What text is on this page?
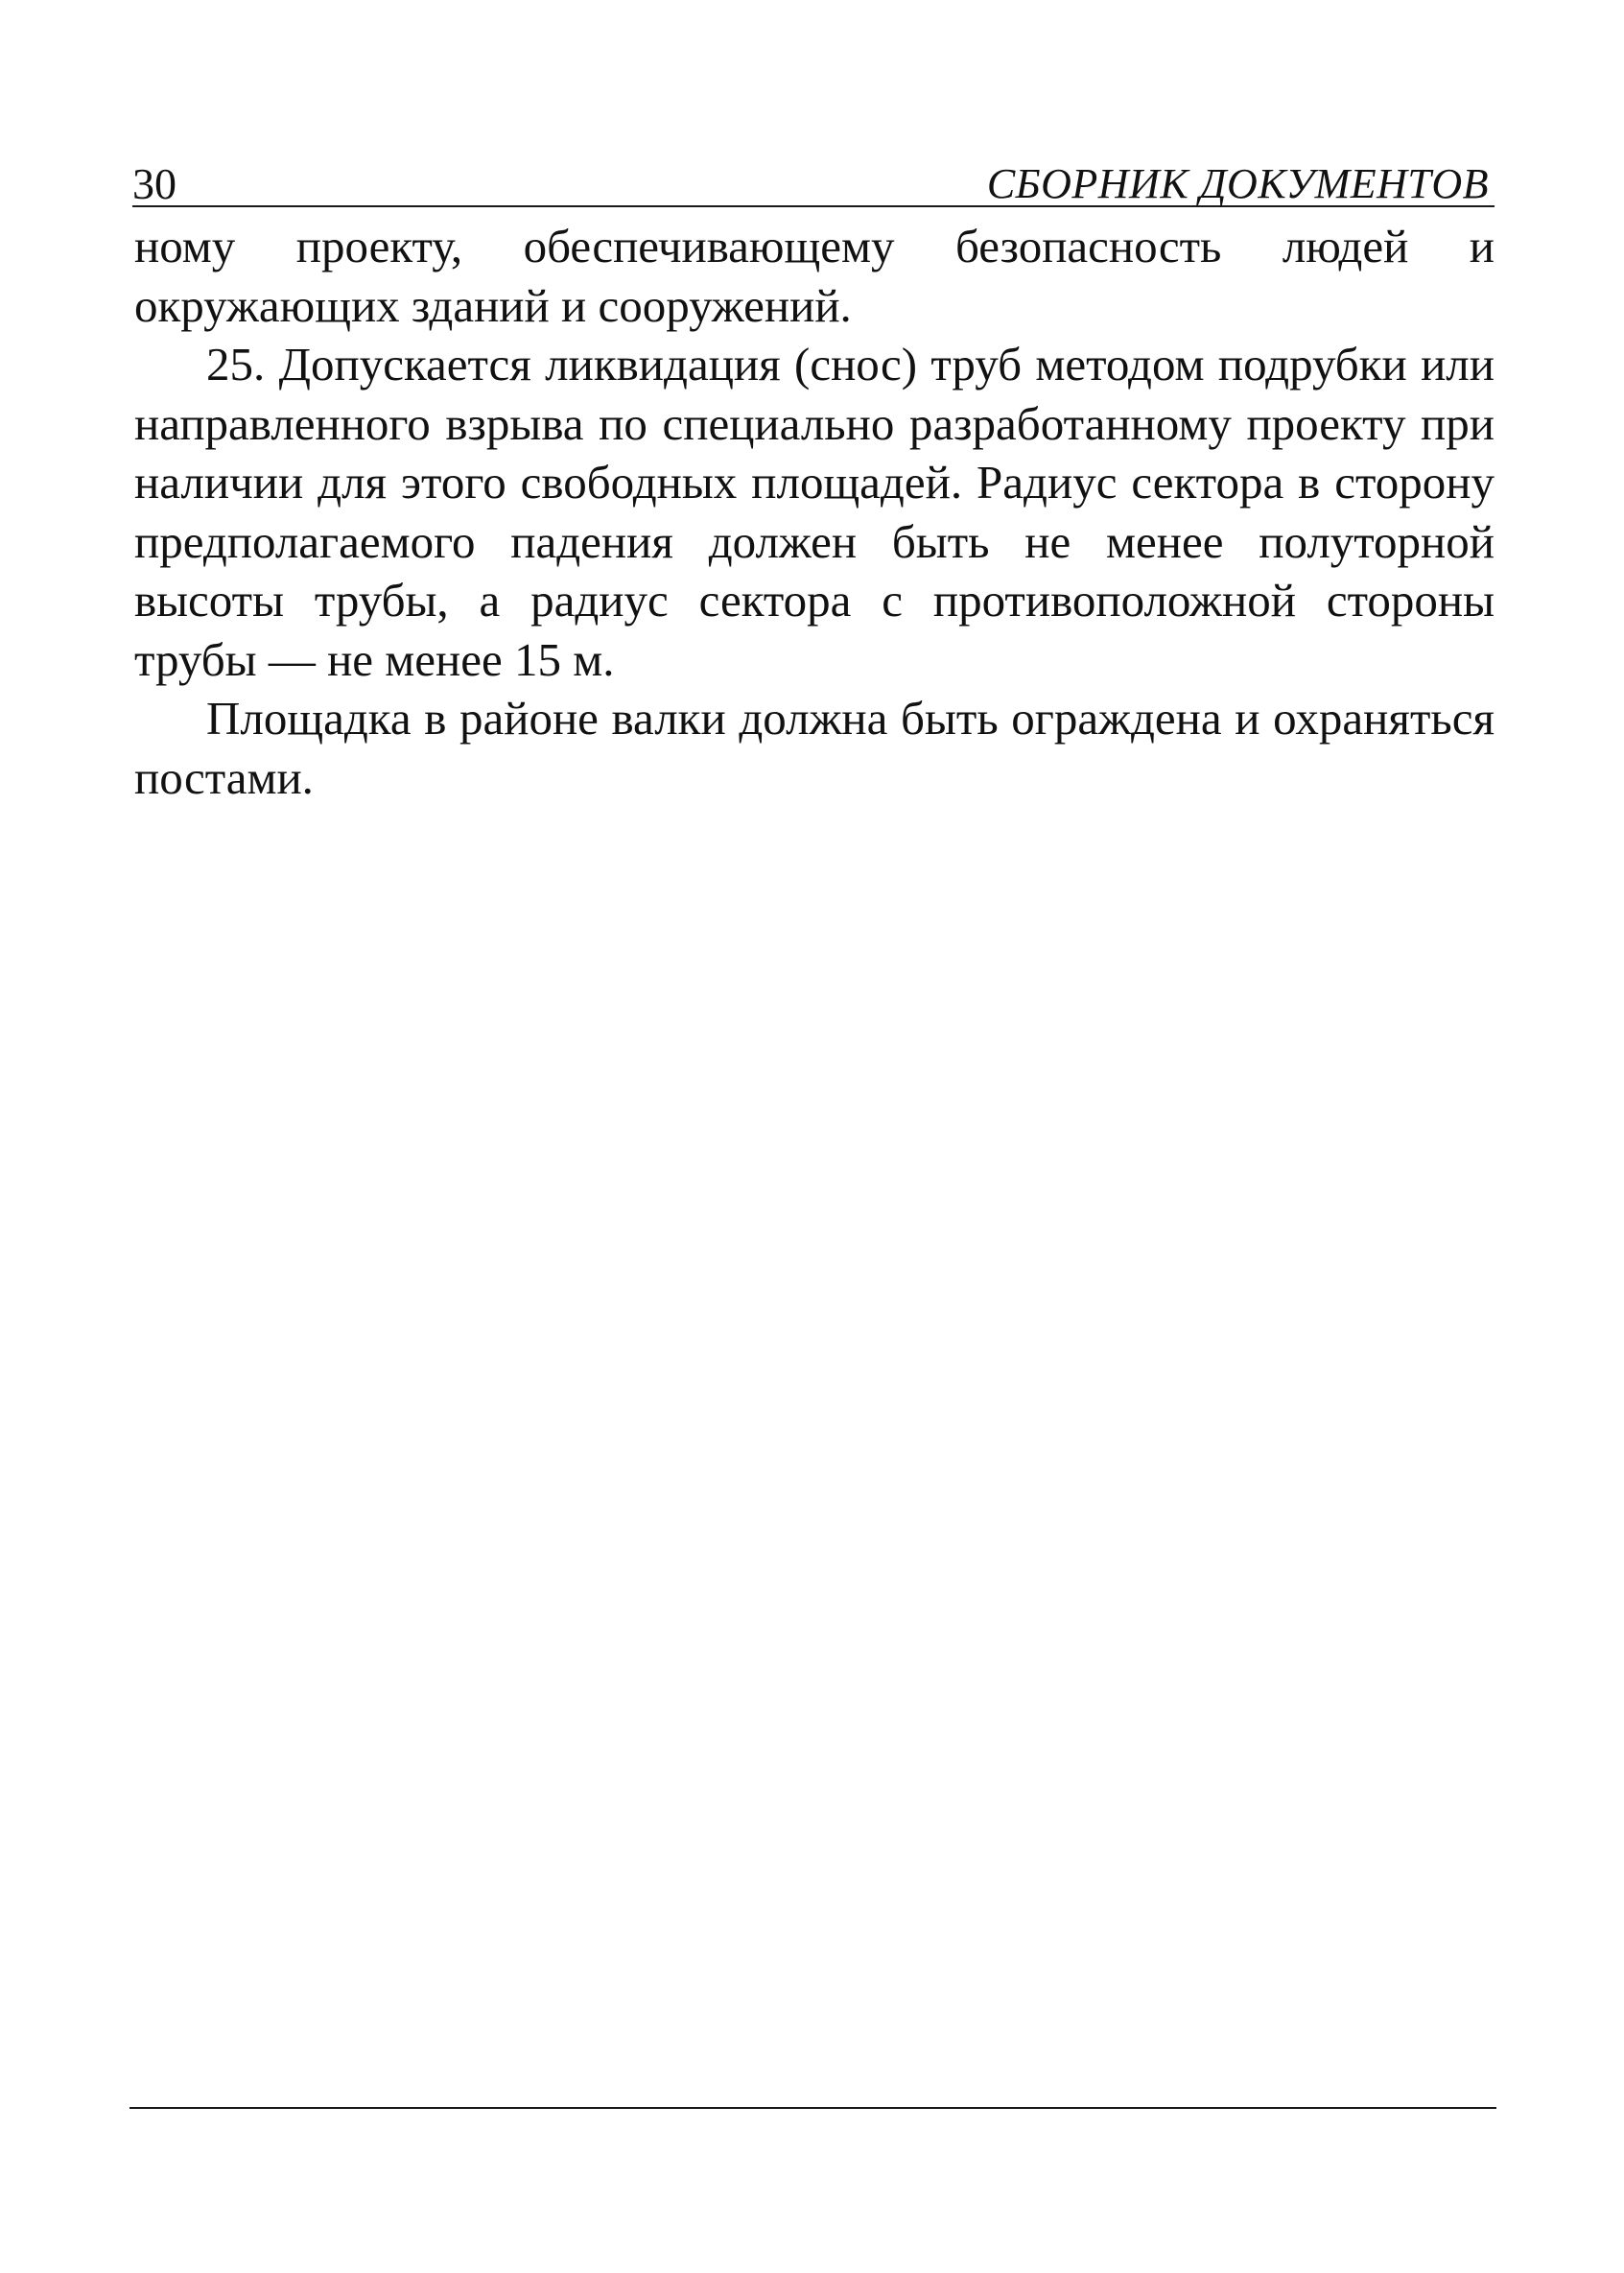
30	СБОРНИК ДОКУМЕНТОВ

ному проекту, обеспечивающему безопасность людей и окружающих зданий и сооружений.

25. Допускается ликвидация (снос) труб методом подрубки или направленного взрыва по специально разработанному проекту при наличии для этого свободных площадей. Радиус сектора в сторону предполагаемого падения должен быть не менее полуторной высоты трубы, а радиус сектора с противоположной стороны трубы — не менее 15 м.

Площадка в районе валки должна быть ограждена и охраняться постами.
